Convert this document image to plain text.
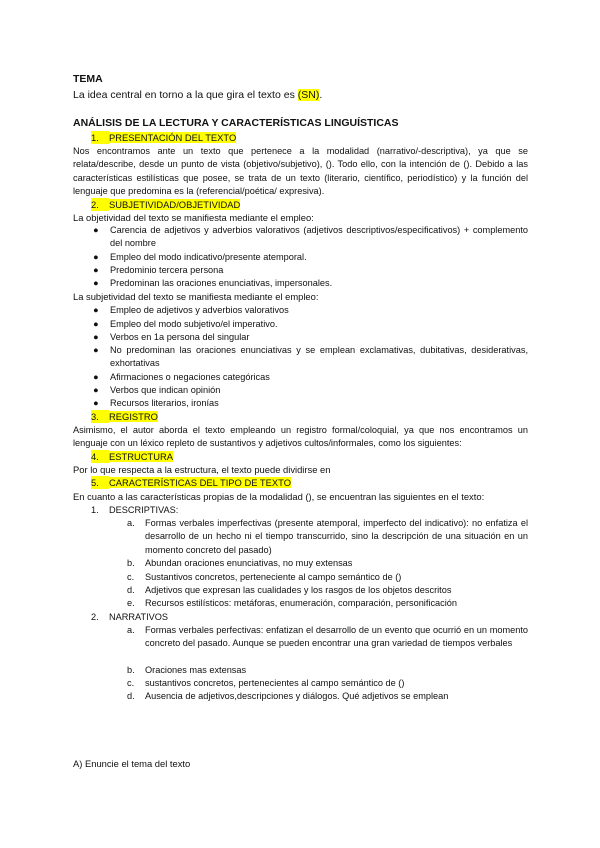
TEMA
La idea central en torno a la que gira el texto es (SN).
ANÁLISIS DE LA LECTURA Y CARACTERÍSTICAS LINGUÍSTICAS
1. PRESENTACIÓN DEL TEXTO
Nos encontramos ante un texto que pertenece a la modalidad (narrativo/-descriptiva), ya que se relata/describe, desde un punto de vista (objetivo/subjetivo), (). Todo ello, con la intención de (). Debido a las características estilísticas que posee, se trata de un texto (literario, científico, periodístico) y la función del lenguaje que predomina es la (referencial/poética/ expresiva).
2. SUBJETIVIDAD/OBJETIVIDAD
La objetividad del texto se manifiesta mediante el empleo:
●	Carencia de adjetivos y adverbios valorativos (adjetivos descriptivos/especificativos) + complemento del nombre
●	Empleo del modo indicativo/presente atemporal.
●	Predominio tercera persona
●	Predominan las oraciones enunciativas, impersonales.
La subjetividad del texto se manifiesta mediante el empleo:
●	Empleo de adjetivos y adverbios valorativos
●	Empleo del modo subjetivo/el imperativo.
●	Verbos en 1a persona del singular
●	No predominan las oraciones enunciativas y se emplean exclamativas, dubitativas, desiderativas, exhortativas
●	Afirmaciones o negaciones categóricas
●	Verbos que indican opinión
●	Recursos literarios, ironías
3. REGISTRO
Asimismo, el autor aborda el texto empleando un registro formal/coloquial, ya que nos encontramos un lenguaje con un léxico repleto de sustantivos y adjetivos cultos/informales, como los siguientes:
4. ESTRUCTURA
Por lo que respecta a la estructura, el texto puede dividirse en
5. CARACTERÍSTICAS DEL TIPO DE TEXTO
En cuanto a las características propias de la modalidad (), se encuentran las siguientes en el texto:
1. DESCRIPTIVAS:
a.	Formas verbales imperfectivas (presente atemporal, imperfecto del indicativo): no enfatiza el desarrollo de un hecho ni el tiempo transcurrido, sino la descripción de una situación en un momento concreto del pasado)
b.	Abundan oraciones enunciativas, no muy extensas
c.	Sustantivos concretos, perteneciente al campo semántico de ()
d.	Adjetivos que expresan las cualidades y los rasgos de los objetos descritos
e.	Recursos estilísticos: metáforas, enumeración, comparación, personificación
2. NARRATIVOS
a.	Formas verbales perfectivas: enfatizan el desarrollo de un evento que ocurrió en un momento concreto del pasado. Aunque se pueden encontrar una gran variedad de tiempos verbales
b.	Oraciones mas extensas
c.	sustantivos concretos, pertenecientes al campo semántico de ()
d.	Ausencia de adjetivos,descripciones y diálogos. Qué adjetivos se emplean
A) Enuncie el tema del texto
